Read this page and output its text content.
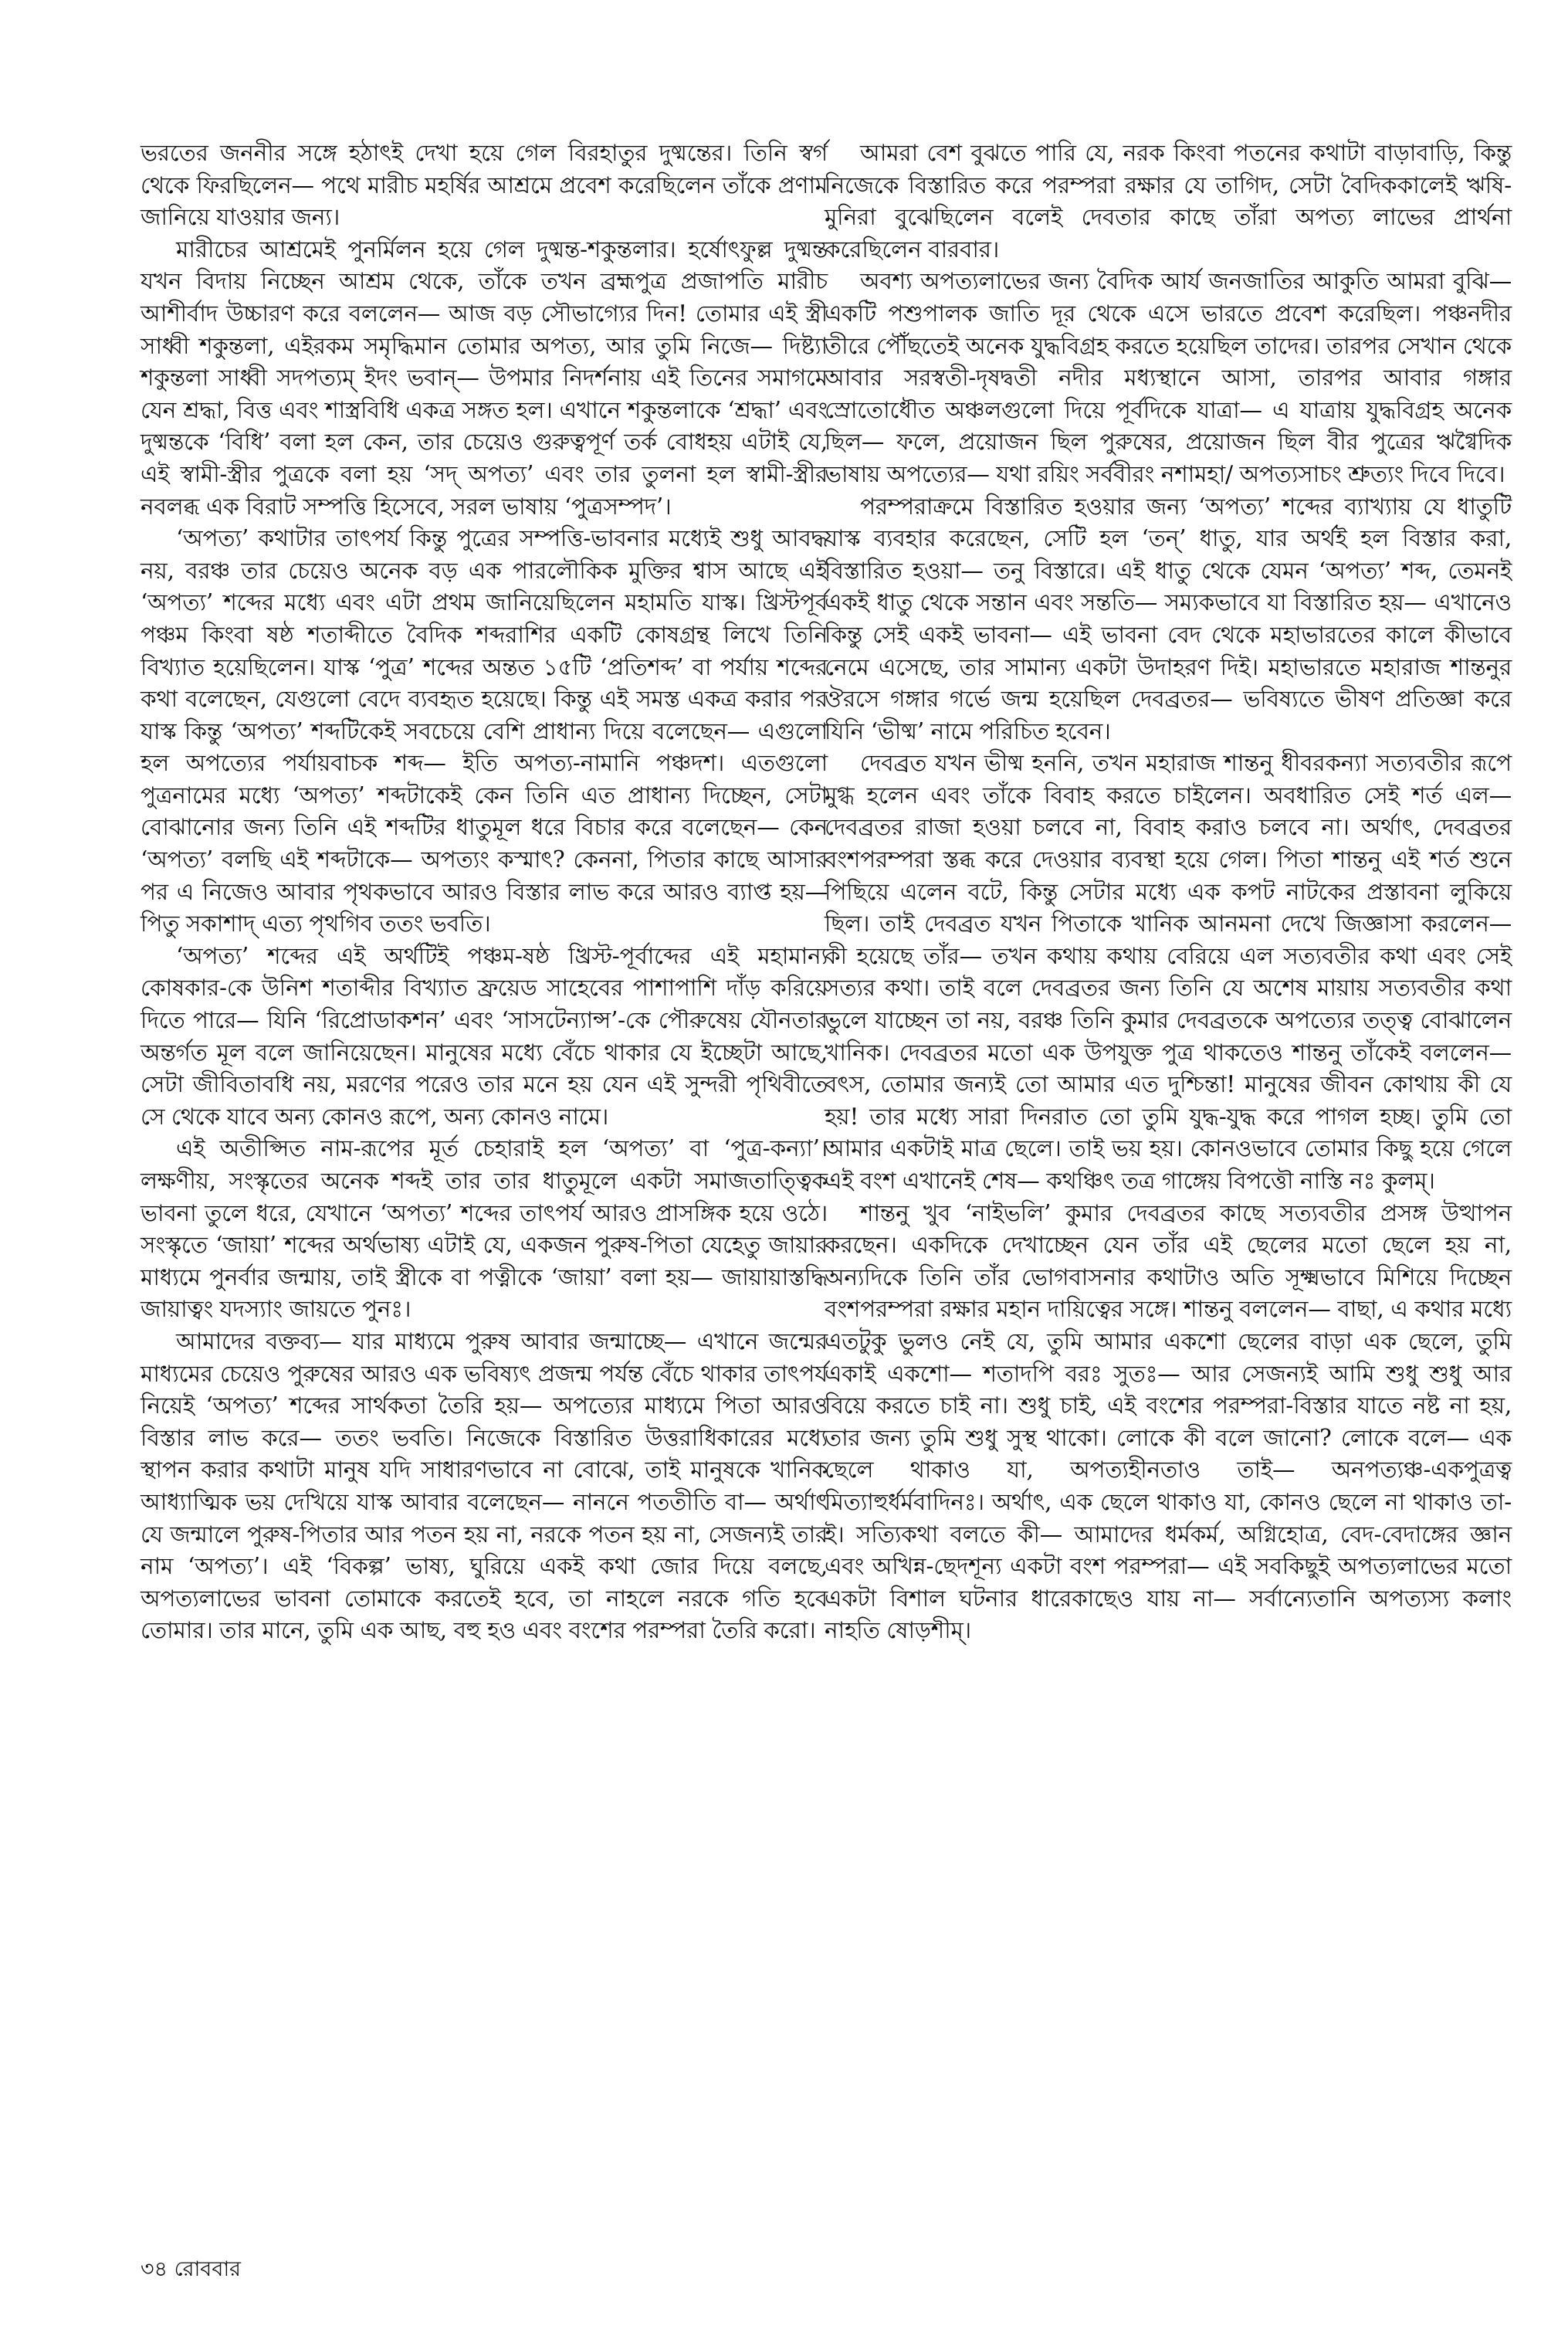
ভরতের জননীর সঙ্গে হঠাৎই দেখা হয়ে গেল বিরহাতুর দুষ্মন্তের। তিনি স্বর্গ থেকে ফিরছিলেন— পথে মারীচ মহর্ষির আশ্রমে প্রবেশ করেছিলেন তাঁকে প্রণাম জানিয়ে যাওয়ার জন্য।

মারীচের আশ্রমেই পুনর্মিলন হয়ে গেল দুষ্মন্ত-শকুন্তলার। হর্ষোৎফুল্ল দুষ্মন্ত যখন বিদায় নিচ্ছেন আশ্রম থেকে, তাঁকে তখন ব্রহ্মপুত্র প্রজাপতি মারীচ আশীর্বাদ উচ্চারণ করে বললেন— আজ বড় সৌভাগ্যের দিন! তোমার এই স্ত্রী সাধ্বী শকুন্তলা, এইরকম সমৃদ্ধিমান তোমার অপত্য, আর তুমি নিজে— দিষ্ট্যা শকুন্তলা সাধ্বী সদপত্যম্ ইদং ভবান্— উপমার নিদর্শনায় এই তিনের সমাগমে যেন শ্রদ্ধা, বিত্ত এবং শাস্ত্রবিধি একত্র সঙ্গত হল। এখানে শকুন্তলাকে ‘শ্রদ্ধা’ এবং দুষ্মন্তকে ‘বিধি’ বলা হল কেন, তার চেয়েও গুরুত্বপূর্ণ তর্ক বোধহয় এটাই যে, এই স্বামী-স্ত্রীর পুত্রকে বলা হয় ‘সদ্ অপত্য’ এবং তার তুলনা হল স্বামী-স্ত্রীর নবলব্ধ এক বিরাট সম্পত্তি হিসেবে, সরল ভাষায় ‘পুত্রসম্পদ’।

‘অপত্য’ কথাটার তাৎপর্য কিন্তু পুত্রের সম্পত্তি-ভাবনার মধ্যেই শুধু আবদ্ধ নয়, বরঞ্চ তার চেয়েও অনেক বড় এক পারলৌকিক মুক্তির শ্বাস আছে এই ‘অপত্য’ শব্দের মধ্যে এবং এটা প্রথম জানিয়েছিলেন মহামতি যাস্ক। খ্রিস্টপূর্ব পঞ্চম কিংবা ষষ্ঠ শতাব্দীতে বৈদিক শব্দরাশির একটি কোষগ্রন্থ লিখে তিনি বিখ্যাত হয়েছিলেন। যাস্ক ‘পুত্র’ শব্দের অন্তত ১৫টি ‘প্রতিশব্দ’ বা পর্যায় শব্দের কথা বলেছেন, যেগুলো বেদে ব্যবহৃত হয়েছে। কিন্তু এই সমস্ত একত্র করার পর যাস্ক কিন্তু ‘অপত্য’ শব্দটিকেই সবচেয়ে বেশি প্রাধান্য দিয়ে বলেছেন— এগুলো হল অপত্যের পর্যায়বাচক শব্দ— ইতি অপত্য-নামানি পঞ্চদশ। এতগুলো পুত্রনামের মধ্যে ‘অপত্য’ শব্দটাকেই কেন তিনি এত প্রাধান্য দিচ্ছেন, সেটা বোঝানোর জন্য তিনি এই শব্দটির ধাতুমূল ধরে বিচার করে বলেছেন— কেন ‘অপত্য’ বলছি এই শব্দটাকে— অপত্যং কস্মাৎ? কেননা, পিতার কাছে আসার পর এ নিজেও আবার পৃথকভাবে আরও বিস্তার লাভ করে আরও ব্যাপ্ত হয়— পিতু সকাশাদ্ এত্য পৃথগিব ততং ভবতি।

‘অপত্য’ শব্দের এই অর্থটিই পঞ্চম-ষষ্ঠ খ্রিস্ট-পূর্বাব্দের এই মহামান্য কোষকার-কে উনিশ শতাব্দীর বিখ্যাত ফ্রয়েড সাহেবের পাশাপাশি দাঁড় করিয়ে দিতে পারে— যিনি ‘রিপ্রোডাকশন’ এবং ‘সাসটেন্যান্স’-কে পৌরুষেয় যৌনতার অন্তর্গত মূল বলে জানিয়েছেন। মানুষের মধ্যে বেঁচে থাকার যে ইচ্ছেটা আছে, সেটা জীবিতাবধি নয়, মরণের পরেও তার মনে হয় যেন এই সুন্দরী পৃথিবীতে সে থেকে যাবে অন্য কোনও রূপে, অন্য কোনও নামে।

এই অতীপ্সিত নাম-রূপের মূর্ত চেহারাই হল ‘অপত্য’ বা ‘পুত্র-কন্যা’। লক্ষণীয়, সংস্কৃতের অনেক শব্দই তার তার ধাতুমূলে একটা সমাজতাত্ত্বিক ভাবনা তুলে ধরে, যেখানে ‘অপত্য’ শব্দের তাৎপর্য আরও প্রাসঙ্গিক হয়ে ওঠে। সংস্কৃতে ‘জায়া’ শব্দের অর্থভাষ্য এটাই যে, একজন পুরুষ-পিতা যেহেতু জায়ার মাধ্যমে পুনর্বার জন্মায়, তাই স্ত্রীকে বা পত্নীকে ‘জায়া’ বলা হয়— জায়ায়াস্তদ্ধি জায়াত্বং যদস্যাং জায়তে পুনঃ।

আমাদের বক্তব্য— যার মাধ্যমে পুরুষ আবার জন্মাচ্ছে— এখানে জন্মের মাধ্যমের চেয়েও পুরুষের আরও এক ভবিষ্যৎ প্রজন্ম পর্যন্ত বেঁচে থাকার তাৎপর্য নিয়েই ‘অপত্য’ শব্দের সার্থকতা তৈরি হয়— অপত্যের মাধ্যমে পিতা আরও বিস্তার লাভ করে— ততং ভবতি। নিজেকে বিস্তারিত উত্তরাধিকারের মধ্যে স্থাপন করার কথাটা মানুষ যদি সাধারণভাবে না বোঝে, তাই মানুষকে খানিক আধ্যাত্মিক ভয় দেখিয়ে যাস্ক আবার বলেছেন— নাননে পততীতি বা— অর্থাৎ যে জন্মালে পুরুষ-পিতার আর পতন হয় না, নরকে পতন হয় না, সেজন্যই তার নাম ‘অপত্য’। এই ‘বিকল্প’ ভাষ্য, ঘুরিয়ে একই কথা জোর দিয়ে বলছে, অপত্যলাভের ভাবনা তোমাকে করতেই হবে, তা নাহলে নরকে গতি হবে তোমার। তার মানে, তুমি এক আছ, বহু হও এবং বংশের পরম্পরা তৈরি করো।

আমরা বেশ বুঝতে পারি যে, নরক কিংবা পতনের কথাটা বাড়াবাড়ি, কিন্তু নিজেকে বিস্তারিত করে পরম্পরা রক্ষার যে তাগিদ, সেটা বৈদিককালেই ঋষি-মুনিরা বুঝেছিলেন বলেই দেবতার কাছে তাঁরা অপত্য লাভের প্রার্থনা করেছিলেন বারবার।

অবশ্য অপত্যলাভের জন্য বৈদিক আর্য জনজাতির আকুতি আমরা বুঝি— একটি পশুপালক জাতি দূর থেকে এসে ভারতে প্রবেশ করেছিল। পঞ্চনদীর তীরে পৌঁছতেই অনেক যুদ্ধবিগ্রহ করতে হয়েছিল তাদের। তারপর সেখান থেকে আবার সরস্বতী-দৃষদ্বতী নদীর মধ্যস্থানে আসা, তারপর আবার গঙ্গার স্রোতোধৌত অঞ্চলগুলো দিয়ে পূর্বদিকে যাত্রা— এ যাত্রায় যুদ্ধবিগ্রহ অনেক ছিল— ফলে, প্রয়োজন ছিল পুরুষের, প্রয়োজন ছিল বীর পুত্রের ঋগ্বৈদিক ভাষায় অপত্যের— যথা রয়িং সর্ববীরং নশামহা/ অপত্যসাচং শ্রুত্যং দিবে দিবে।

পরম্পরাক্রমে বিস্তারিত হওয়ার জন্য ‘অপত্য’ শব্দের ব্যাখ্যায় যে ধাতুটি যাস্ক ব্যবহার করেছেন, সেটি হল ‘তন্’ ধাতু, যার অর্থই হল বিস্তার করা, বিস্তারিত হওয়া— তনু বিস্তারে। এই ধাতু থেকে যেমন ‘অপত্য’ শব্দ, তেমনই একই ধাতু থেকে সন্তান এবং সন্ততি— সম্যকভাবে যা বিস্তারিত হয়— এখানেও কিন্তু সেই একই ভাবনা— এই ভাবনা বেদ থেকে মহাভারতের কালে কীভাবে নেমে এসেছে, তার সামান্য একটা উদাহরণ দিই। মহাভারতে মহারাজ শান্তনুর ঔরসে গঙ্গার গর্ভে জন্ম হয়েছিল দেবব্রতর— ভবিষ্যতে ভীষণ প্রতিজ্ঞা করে যিনি ‘ভীষ্ম’ নামে পরিচিত হবেন।

দেবব্রত যখন ভীষ্ম হননি, তখন মহারাজ শান্তনু ধীবরকন্যা সত্যবতীর রূপে মুগ্ধ হলেন এবং তাঁকে বিবাহ করতে চাইলেন। অবধারিত সেই শর্ত এল— দেবব্রতর রাজা হওয়া চলবে না, বিবাহ করাও চলবে না। অর্থাৎ, দেবব্রতর বংশপরম্পরা স্তব্ধ করে দেওয়ার ব্যবস্থা হয়ে গেল। পিতা শান্তনু এই শর্ত শুনে পিছিয়ে এলেন বটে, কিন্তু সেটার মধ্যে এক কপট নাটকের প্রস্তাবনা লুকিয়ে ছিল। তাই দেবব্রত যখন পিতাকে খানিক আনমনা দেখে জিজ্ঞাসা করলেন— কী হয়েছে তাঁর— তখন কথায় কথায় বেরিয়ে এল সত্যবতীর কথা এবং সেই সত্যর কথা। তাই বলে দেবব্রতর জন্য তিনি যে অশেষ মায়ায় সত্যবতীর কথা ভুলে যাচ্ছেন তা নয়, বরঞ্চ তিনি কুমার দেবব্রতকে অপত্যের তত্ত্ব বোঝালেন খানিক। দেবব্রতর মতো এক উপযুক্ত পুত্র থাকতেও শান্তনু তাঁকেই বললেন— বৎস, তোমার জন্যই তো আমার এত দুশ্চিন্তা! মানুষের জীবন কোথায় কী যে হয়! তার মধ্যে সারা দিনরাত তো তুমি যুদ্ধ-যুদ্ধ করে পাগল হচ্ছ। তুমি তো আমার একটাই মাত্র ছেলে। তাই ভয় হয়। কোনওভাবে তোমার কিছু হয়ে গেলে এই বংশ এখানেই শেষ— কথঞ্চিৎ তত্র গাঙ্গেয় বিপত্তৌ নাস্তি নঃ কুলম্।

শান্তনু খুব ‘নাইভলি’ কুমার দেবব্রতর কাছে সত্যবতীর প্রসঙ্গ উত্থাপন করছেন। একদিকে দেখাচ্ছেন যেন তাঁর এই ছেলের মতো ছেলে হয় না, অন্যদিকে তিনি তাঁর ভোগবাসনার কথাটাও অতি সূক্ষ্মভাবে মিশিয়ে দিচ্ছেন বংশপরম্পরা রক্ষার মহান দায়িত্বের সঙ্গে। শান্তনু বললেন— বাছা, এ কথার মধ্যে এতটুকু ভুলও নেই যে, তুমি আমার একশো ছেলের বাড়া এক ছেলে, তুমি একাই একশো— শতাদপি বরঃ সুতঃ— আর সেজন্যই আমি শুধু শুধু আর বিয়ে করতে চাই না। শুধু চাই, এই বংশের পরম্পরা-বিস্তার যাতে নষ্ট না হয়, তার জন্য তুমি শুধু সুস্থ থাকো। লোকে কী বলে জানো? লোকে বলে— এক ছেলে থাকাও যা, অপত্যহীনতাও তাই— অনপত্যঞ্চ-একপুত্রত্ব মিত্যাহুর্ধর্মবাদিনঃ। অর্থাৎ, এক ছেলে থাকাও যা, কোনও ছেলে না থাকাও তা-ই। সত্যিকথা বলতে কী— আমাদের ধর্মকর্ম, অগ্নিহোত্র, বেদ-বেদাঙ্গের জ্ঞান এবং অখিন্ন-ছেদশূন্য একটা বংশ পরম্পরা— এই সবকিছুই অপত্যলাভের মতো একটা বিশাল ঘটনার ধারেকাছেও যায় না— সর্বান্যেতানি অপত্যস্য কলাং নাহতি ষোড়শীম্।

৩৪ রোববার
